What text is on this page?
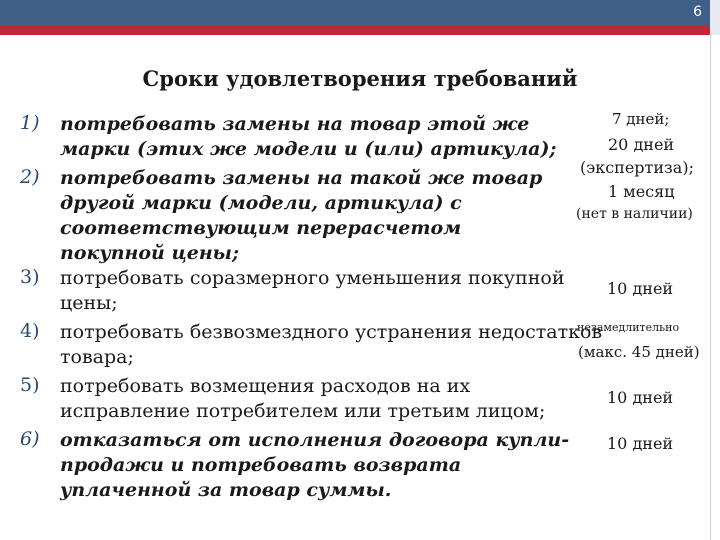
6
Сроки удовлетворения требований
1) потребовать замены на товар этой же
марки (этих же модели и (или) артикула);
2) потребовать замены на такой же товар
другой марки (модели, артикула) с
соответствующим перерасчетом
покупной цены;
3) потребовать соразмерного уменьшения покупной
цены;
4) потребовать безвозмездного устранения недостатков
товара;
5) потребовать возмещения расходов на их
исправление потребителем или третьим лицом;
6) отказаться от исполнения договора купли-
продажи и потребовать возврата
уплаченной за товар суммы.
7 дней;
20 дней
(экспертиза);
1 месяц
(нет в наличии)
10 дней
незамедлительно
(макс. 45 дней)
10 дней
10 дней
